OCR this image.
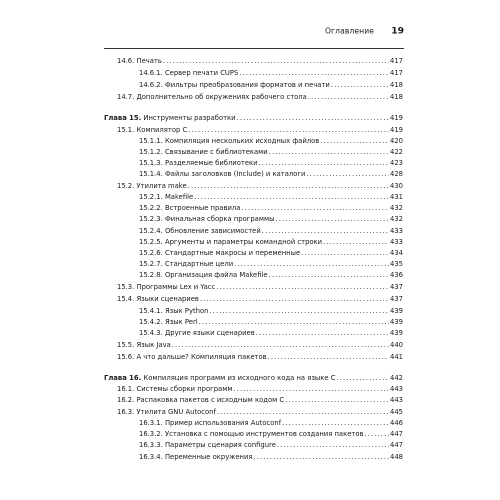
Оглавление 19
14.6. Печать .....	417
14.6.1. Сервер печати CUPS .....	417
14.6.2. Фильтры преобразования форматов и печати .....	418
14.7. Дополнительно об окружениях рабочего стола .....	418
Глава 15. Инструменты разработки .....	419
15.1. Компилятор С .....	419
15.1.1. Компиляция нескольких исходных файлов .....	420
15.1.2. Связывание с библиотеками .....	422
15.1.3. Разделяемые библиотеки .....	423
15.1.4. Файлы заголовков (Include) и каталоги .....	428
15.2. Утилита make .....	430
15.2.1. Makefile .....	431
15.2.2. Встроенные правила .....	432
15.2.3. Финальная сборка программы .....	432
15.2.4. Обновление зависимостей .....	433
15.2.5. Аргументы и параметры командной строки .....	433
15.2.6. Стандартные макросы и переменные .....	434
15.2.7. Стандартные цели .....	435
15.2.8. Организация файла Makefile .....	436
15.3. Программы Lex и Yacc .....	437
15.4. Языки сценариев .....	437
15.4.1. Язык Python .....	439
15.4.2. Язык Perl .....	439
15.4.3. Другие языки сценариев .....	439
15.5. Язык Java .....	440
15.6. А что дальше? Компиляция пакетов .....	441
Глава 16. Компиляция программ из исходного кода на языке С .....	442
16.1. Системы сборки программ .....	443
16.2. Распаковка пакетов с исходным кодом С .....	443
16.3. Утилита GNU Autoconf .....	445
16.3.1. Пример использования Autoconf .....	446
16.3.2. Установка с помощью инструментов создания пакетов .....	447
16.3.3. Параметры сценария configure .....	447
16.3.4. Переменные окружения .....	448
